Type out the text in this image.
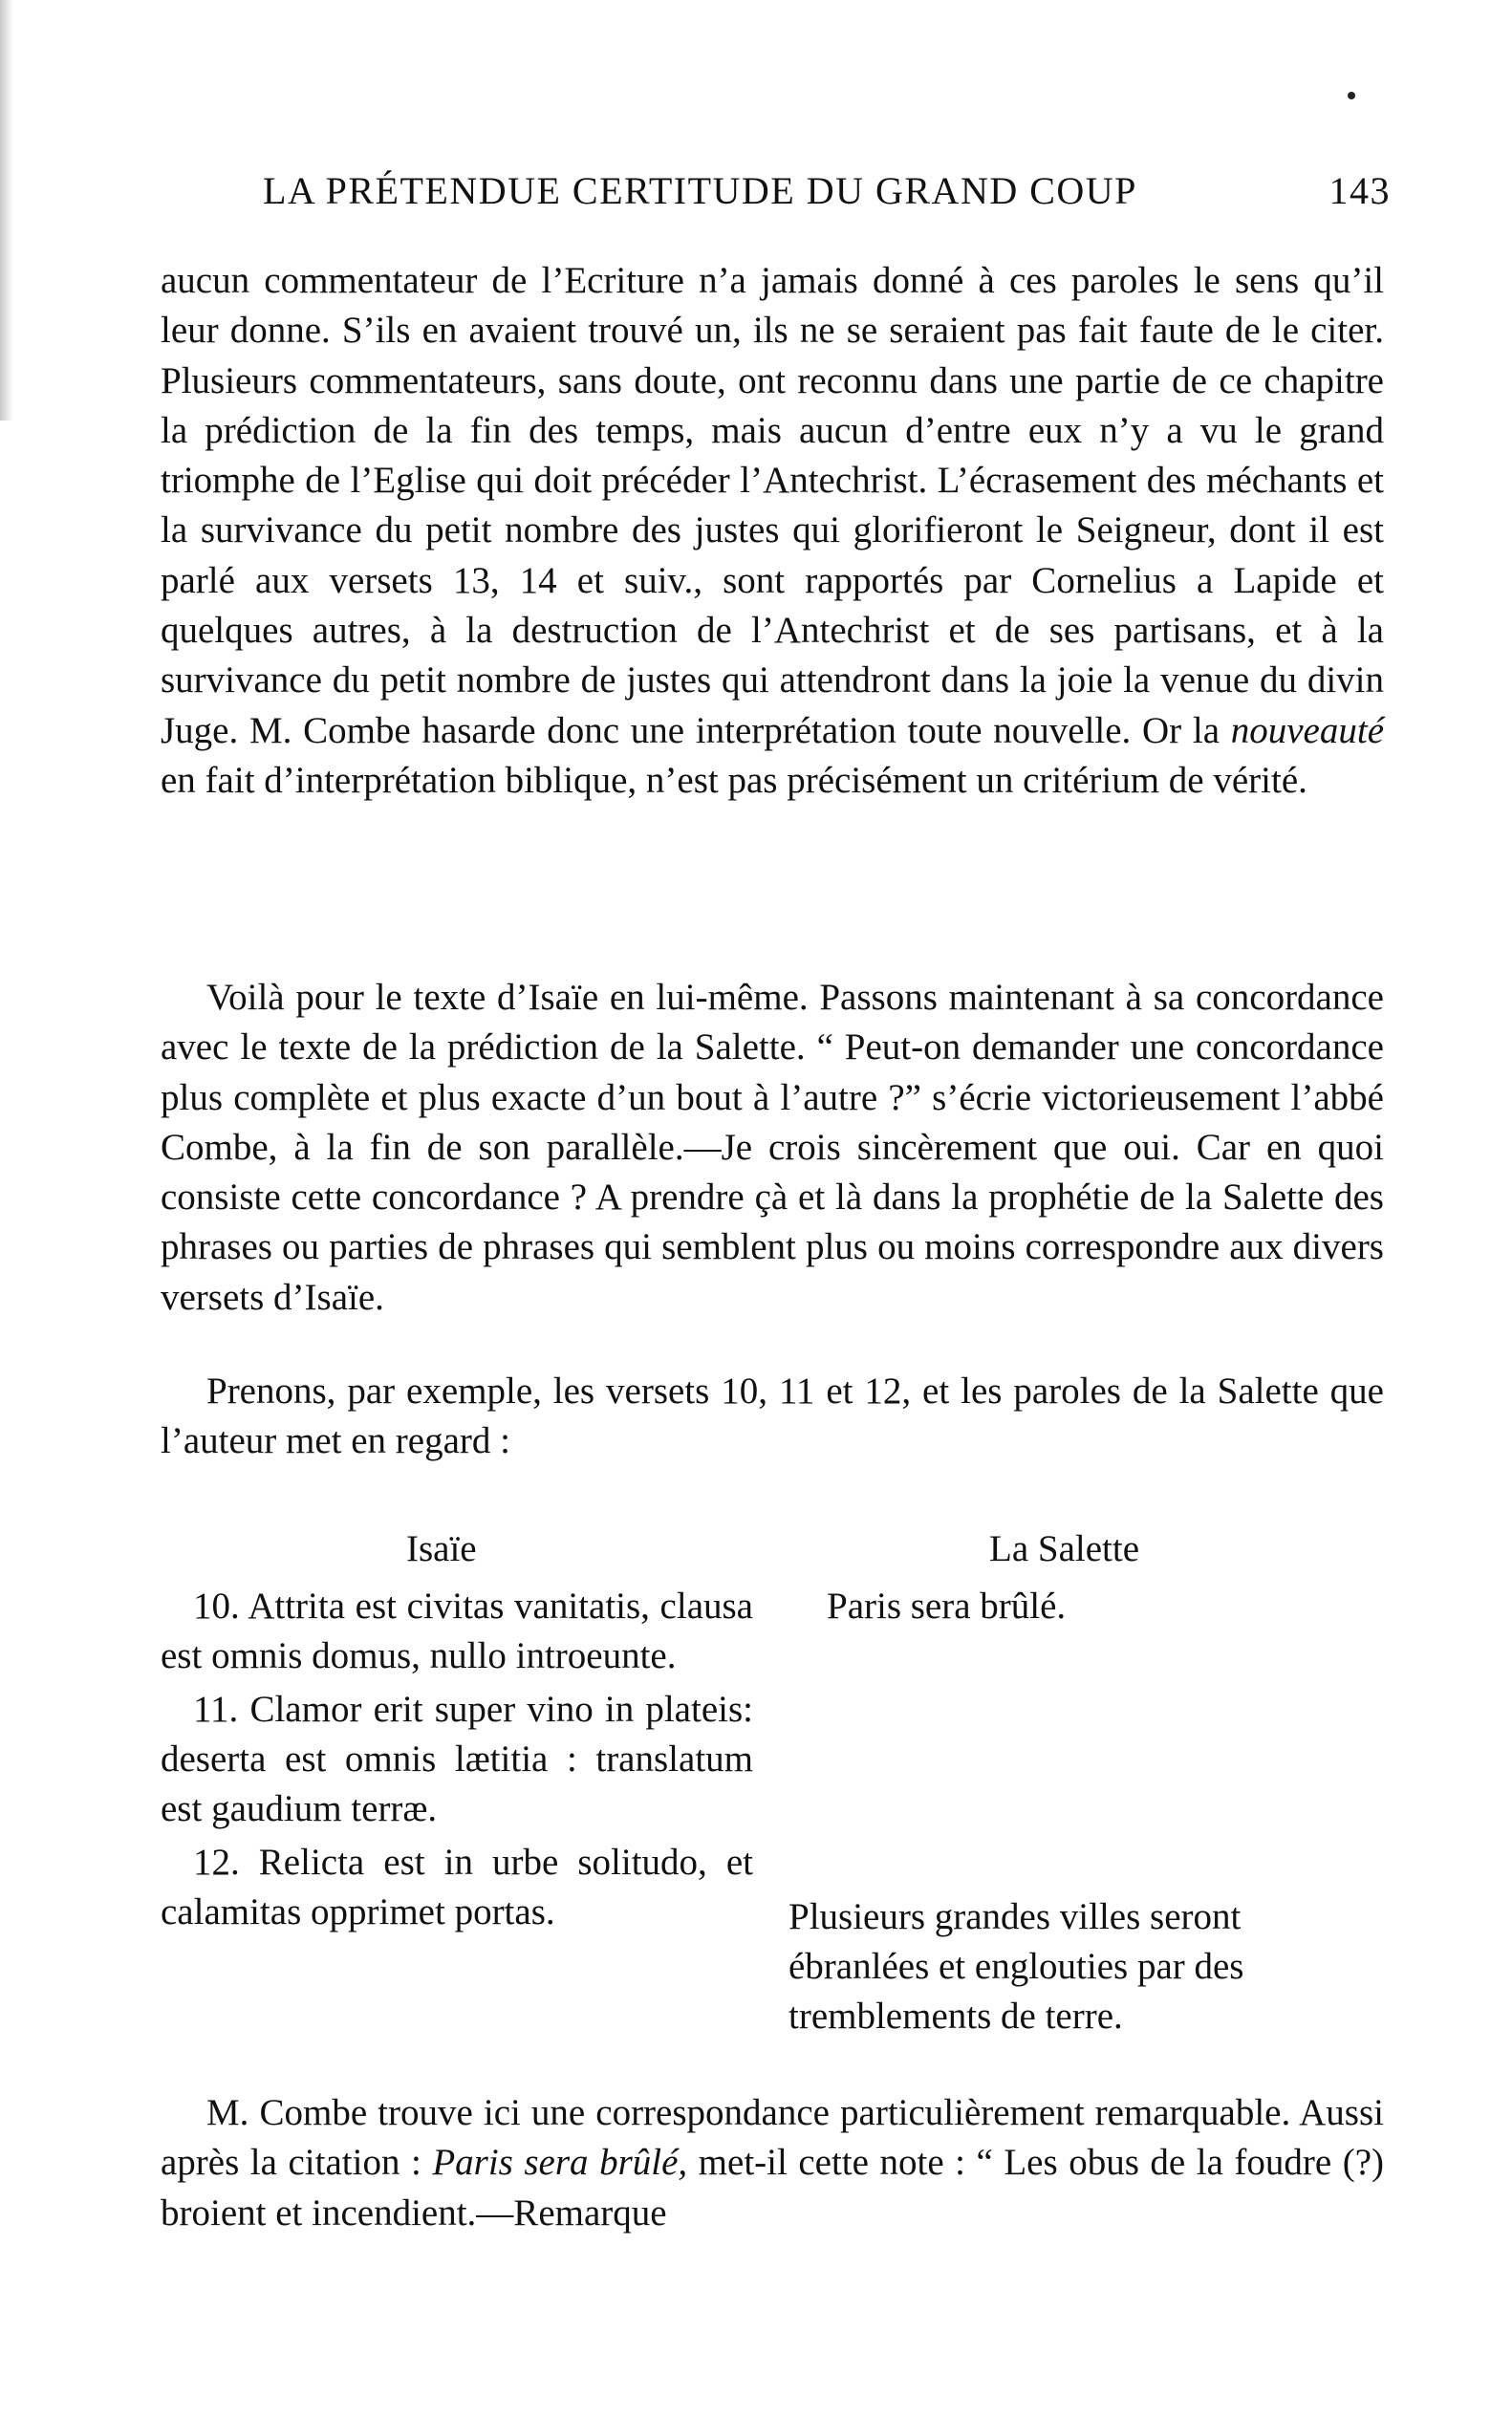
LA PRÉTENDUE CERTITUDE DU GRAND COUP	143
aucun commentateur de l’Ecriture n’a jamais donné à ces paroles le sens qu’il leur donne. S’ils en avaient trouvé un, ils ne se seraient pas fait faute de le citer. Plusieurs commentateurs, sans doute, ont reconnu dans une partie de ce chapitre la prédiction de la fin des temps, mais aucun d’entre eux n’y a vu le grand triomphe de l’Eglise qui doit précéder l’Antechrist. L’écrasement des méchants et la survivance du petit nombre des justes qui glorifieront le Seigneur, dont il est parlé aux versets 13, 14 et suiv., sont rapportés par Cornelius a Lapide et quelques autres, à la destruction de l’Antechrist et de ses partisans, et à la survivance du petit nombre de justes qui attendront dans la joie la venue du divin Juge. M. Combe hasarde donc une interprétation toute nouvelle. Or la nouveauté en fait d’interprétation biblique, n’est pas précisément un critérium de vérité.
Voilà pour le texte d’Isaïe en lui-même. Passons maintenant à sa concordance avec le texte de la prédiction de la Salette. “ Peut-on demander une concordance plus complète et plus exacte d’un bout à l’autre ?” s’écrie victorieusement l’abbé Combe, à la fin de son parallèle.—Je crois sincèrement que oui. Car en quoi consiste cette concordance ? A prendre çà et là dans la prophétie de la Salette des phrases ou parties de phrases qui semblent plus ou moins correspondre aux divers versets d’Isaïe.
Prenons, par exemple, les versets 10, 11 et 12, et les paroles de la Salette que l’auteur met en regard :
Isaïe	La Salette
10. Attrita est civitas vanitatis, clausa est omnis domus, nullo introeunte.
11. Clamor erit super vino in plateis: deserta est omnis lætitia : translatum est gaudium terræ.
12. Relicta est in urbe solitudo, et calamitas opprimet portas.
Paris sera brûlé.
Plusieurs grandes villes seront ébranlées et englouties par des tremblements de terre.
M. Combe trouve ici une correspondance particulièrement remarquable. Aussi après la citation : Paris sera brûlé, met-il cette note : “ Les obus de la foudre (?) broient et incendient.—Remarque
